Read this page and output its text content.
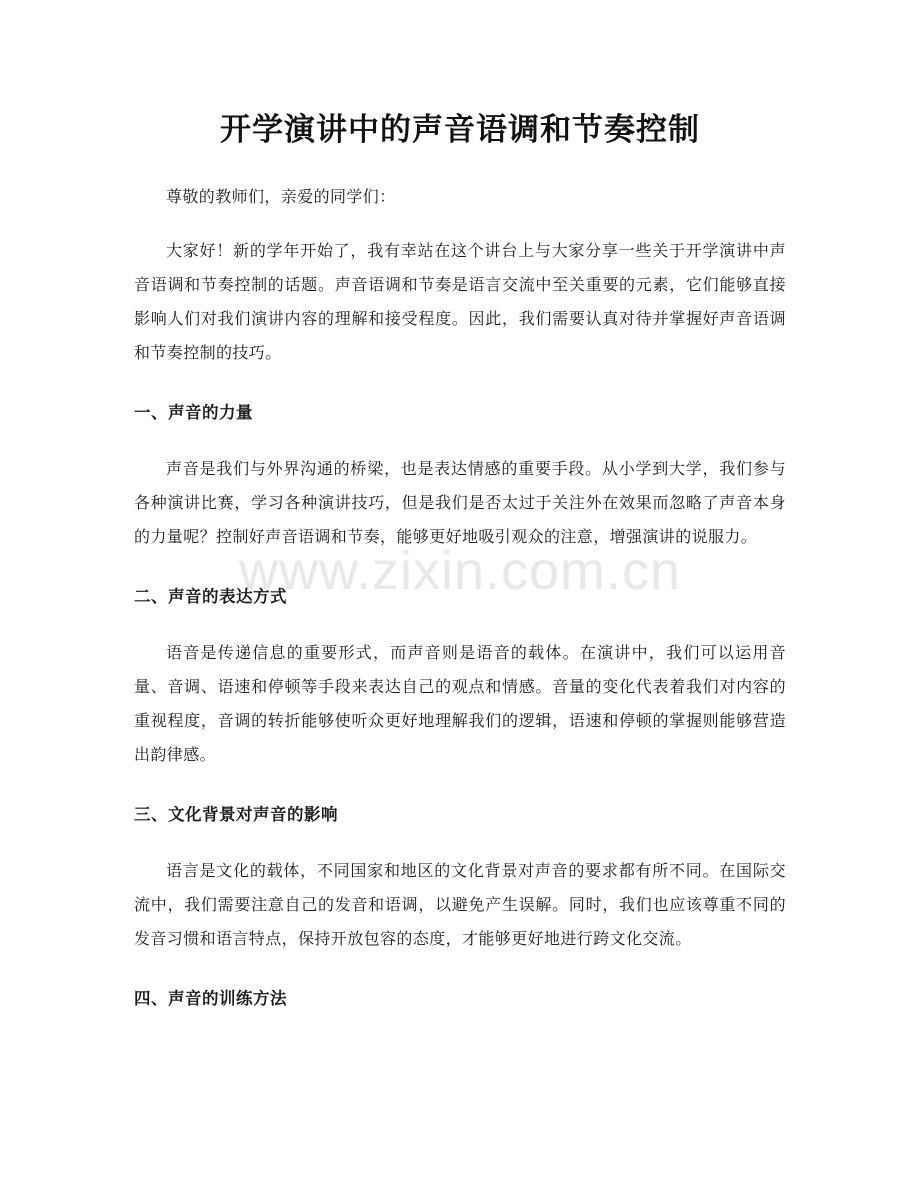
开学演讲中的声音语调和节奏控制
www.zixin.com.cn

尊敬的教师们，亲爱的同学们：

大家好！新的学年开始了，我有幸站在这个讲台上与大家分享一些关于开学演讲中声音语调和节奏控制的话题。声音语调和节奏是语言交流中至关重要的元素，它们能够直接影响人们对我们演讲内容的理解和接受程度。因此，我们需要认真对待并掌握好声音语调和节奏控制的技巧。

一、声音的力量

声音是我们与外界沟通的桥梁，也是表达情感的重要手段。从小学到大学，我们参与各种演讲比赛，学习各种演讲技巧，但是我们是否太过于关注外在效果而忽略了声音本身的力量呢？控制好声音语调和节奏，能够更好地吸引观众的注意，增强演讲的说服力。

二、声音的表达方式

语音是传递信息的重要形式，而声音则是语音的载体。在演讲中，我们可以运用音量、音调、语速和停顿等手段来表达自己的观点和情感。音量的变化代表着我们对内容的重视程度，音调的转折能够使听众更好地理解我们的逻辑，语速和停顿的掌握则能够营造出韵律感。

三、文化背景对声音的影响

语言是文化的载体，不同国家和地区的文化背景对声音的要求都有所不同。在国际交流中，我们需要注意自己的发音和语调，以避免产生误解。同时，我们也应该尊重不同的发音习惯和语言特点，保持开放包容的态度，才能够更好地进行跨文化交流。

四、声音的训练方法
